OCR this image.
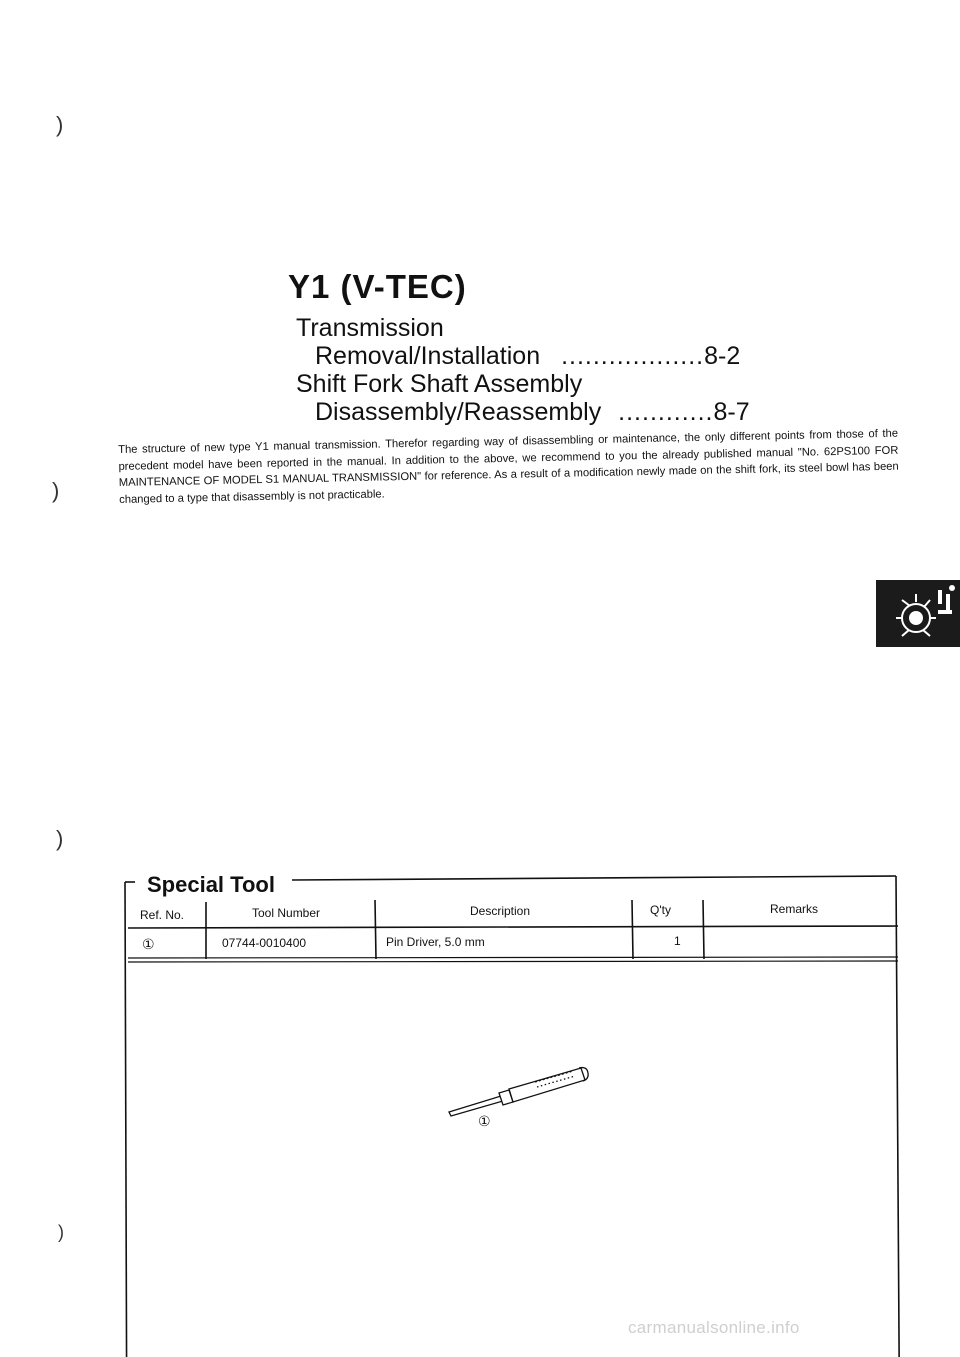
)
)
)
)
Y1 (V-TEC)
Transmission
Removal/Installation ..................8-2
Shift Fork Shaft Assembly
Disassembly/Reassembly ............8-7
The structure of new type Y1 manual transmission. Therefor regarding way of disassembling or maintenance, the only different points from those of the precedent model have been reported in the manual. In addition to the above, we recommend to you the already published manual "No. 62PS100 FOR MAINTENANCE OF MODEL S1 MANUAL TRANSMISSION" for reference. As a result of a modification newly made on the shift fork, its steel bowl has been changed to a type that disassembly is not practicable.
Special Tool
Ref. No.	Tool Number	Description	Q'ty	Remarks
①	07744-0010400	Pin Driver, 5.0 mm	1
①
carmanualsonline.info
